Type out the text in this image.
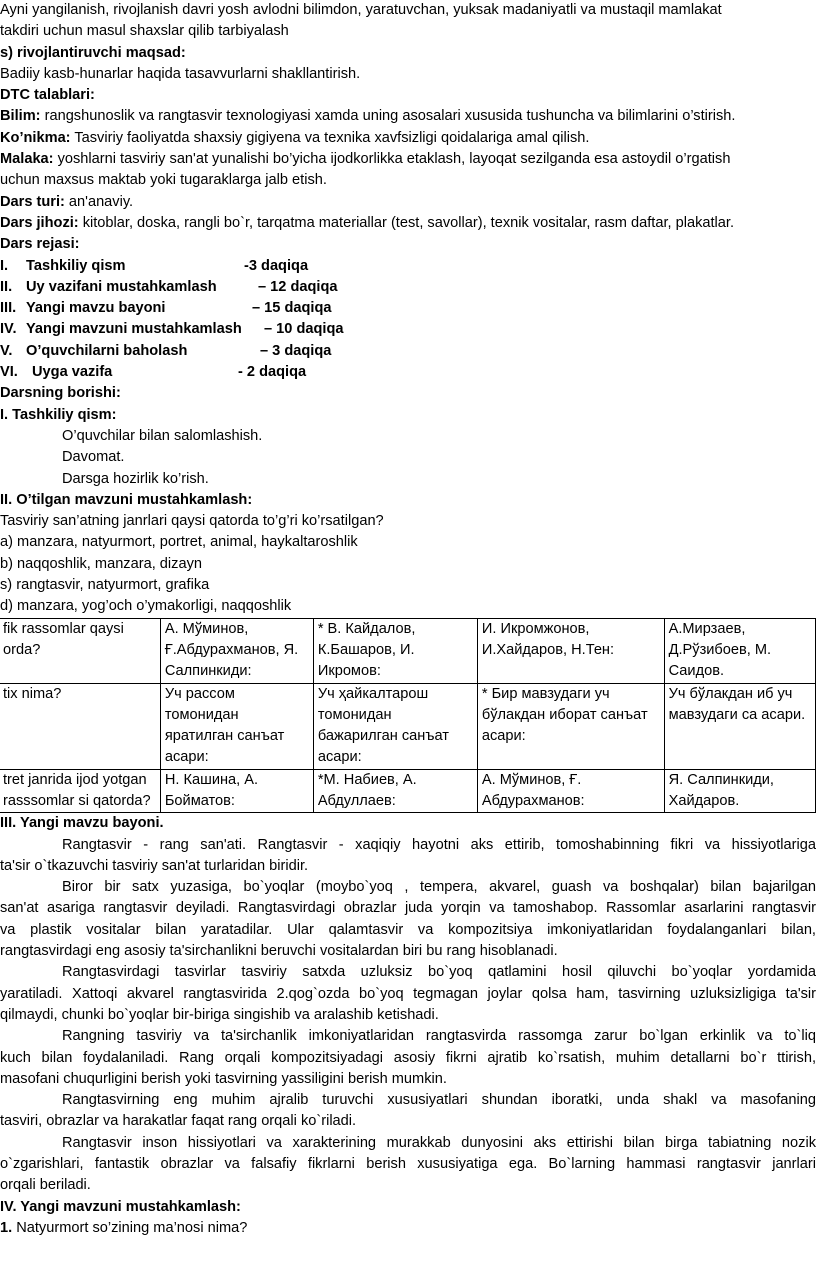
Ayni yangilanish, rivojlanish davri yosh avlodni bilimdon, yaratuvchan, yuksak madaniyatli va mustaqil mamlakat
takdiri uchun masul shaxslar qilib tarbiyalash
s) rivojlantiruvchi maqsad:
Badiiy kasb-hunarlar haqida tasavvurlarni shakllantirish.
DTC talablari:
Bilim: rangshunoslik va rangtasvir texnologiyasi xamda uning asosalari xususida tushuncha va bilimlarini o’stirish.
Ko’nikma: Tasviriy faoliyatda shaxsiy gigiyena va texnika xavfsizligi qoidalariga amal qilish.
Malaka: yoshlarni tasviriy san'at yunalishi bo’yicha ijodkorlikka etaklash, layoqat sezilganda esa astoydil o’rgatish
uchun maxsus maktab yoki tugaraklarga jalb etish.
Dars turi: an'anaviy.
Dars jihozi: kitoblar, doska, rangli bo`r, tarqatma materiallar (test, savollar), texnik vositalar, rasm daftar, plakatlar.
Dars rejasi:
I.	Tashkiliy qism	-3 daqiqa
II. Uy vazifani mustahkamlash	– 12 daqiqa
III. Yangi mavzu bayoni	– 15 daqiqa
IV. Yangi mavzuni mustahkamlash	– 10 daqiqa
V. O’quvchilarni baholash	– 3 daqiqa
VI. Uyga vazifa	- 2 daqiqa
Darsning borishi:
I. Tashkiliy qism:
O’quvchilar bilan salomlashish.
Davomat.
Darsga hozirlik ko’rish.
II. O’tilgan mavzuni mustahkamlash:
Tasviriy san’atning janrlari qaysi qatorda to’g’ri ko’rsatilgan?
a) manzara, natyurmort, portret, animal, haykaltaroshlik
b) naqqoshlik, manzara, dizayn
s) rangtasvir, natyurmort, grafika
d) manzara, yog’och o’ymakorligi, naqqoshlik
fik rassomlar qaysi orda?	А. Мўминов, Ғ.Абдурахманов, Я. Салпинкиди:	* В. Кайдалов, К.Башаров, И. Икромов:	И. Икромжонов, И.Хайдаров, Н.Тен:	А.Мирзаев, Д.Рўзибоев, М. Саидов.
tix nima?	Уч рассом томонидан яратилган санъат асари:	Уч ҳайкалтарош томонидан бажарилган санъат асари:	* Бир мавзудаги уч бўлакдан иборат санъат асари:	Уч бўлакдан иб уч мавзудаги са асари.
tret janrida ijod yotgan rasssomlar si qatorda?	Н. Кашина, А. Бойматов:	*М. Набиев, А. Абдуллаев:	А. Мўминов, Ғ. Абдурахманов:	Я. Салпинкиди, Хайдаров.
III. Yangi mavzu bayoni.
Rangtasvir - rang san'ati. Rangtasvir - xaqiqiy hayotni aks ettirib, tomoshabinning fikri va hissiyotlariga
ta'sir o`tkazuvchi tasviriy san'at turlaridan biridir.
Biror bir satx yuzasiga, bo`yoqlar (moybo`yoq , tempera, akvarel, guash va boshqalar) bilan bajarilgan
san'at asariga rangtasvir deyiladi. Rangtasvirdagi obrazlar juda yorqin va tamoshabop. Rassomlar asarlarini rangtasvir
va plastik vositalar bilan yaratadilar. Ular qalamtasvir va kompozitsiya imkoniyatlaridan foydalanganlari bilan,
rangtasvirdagi eng asosiy ta'sirchanlikni beruvchi vositalardan biri bu rang hisoblanadi.
Rangtasvirdagi tasvirlar tasviriy satxda uzluksiz bo`yoq qatlamini hosil qiluvchi bo`yoqlar yordamida
yaratiladi. Xattoqi akvarel rangtasvirida 2.qog`ozda bo`yoq tegmagan joylar qolsa ham, tasvirning uzluksizligiga ta'sir
qilmaydi, chunki bo`yoqlar bir-biriga singishib va aralashib ketishadi.
Rangning tasviriy va ta'sirchanlik imkoniyatlaridan rangtasvirda rassomga zarur bo`lgan erkinlik va to`liq
kuch bilan foydalaniladi. Rang orqali kompozitsiyadagi asosiy fikrni ajratib ko`rsatish, muhim detallarni bo`r ttirish,
masofani chuqurligini berish yoki tasvirning yassiligini berish mumkin.
Rangtasvirning eng muhim ajralib turuvchi xususiyatlari shundan iboratki, unda shakl va masofaning
tasviri, obrazlar va harakatlar faqat rang orqali ko`riladi.
Rangtasvir inson hissiyotlari va xarakterining murakkab dunyosini aks ettirishi bilan birga tabiatning nozik
o`zgarishlari, fantastik obrazlar va falsafiy fikrlarni berish xususiyatiga ega. Bo`larning hammasi rangtasvir janrlari
orqali beriladi.
IV. Yangi mavzuni mustahkamlash:
1. Natyurmort so’zining ma’nosi nima?
